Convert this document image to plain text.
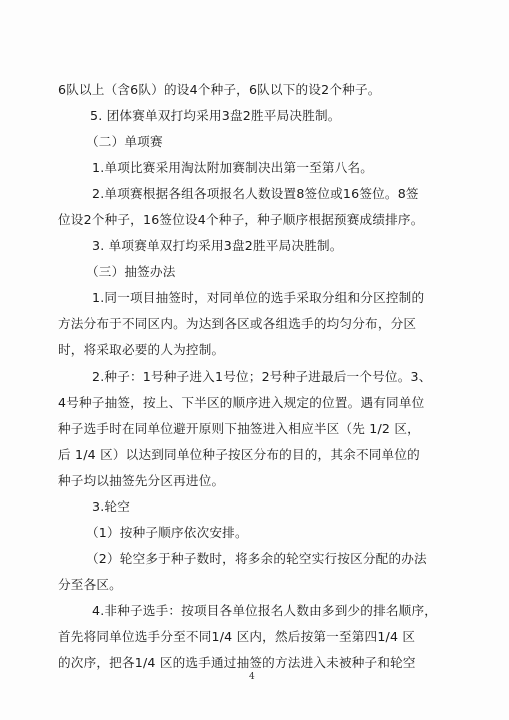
6队以上（含6队）的设4个种子，6队以下的设2个种子。
5. 团体赛单双打均采用3盘2胜平局决胜制。
（二）单项赛
1.单项比赛采用淘汰附加赛制决出第一至第八名。
2.单项赛根据各组各项报名人数设置8签位或16签位。8签
位设2个种子，16签位设4个种子，种子顺序根据预赛成绩排序。
3. 单项赛单双打均采用3盘2胜平局决胜制。
（三）抽签办法
1.同一项目抽签时，对同单位的选手采取分组和分区控制的
方法分布于不同区内。为达到各区或各组选手的均匀分布，分区
时，将采取必要的人为控制。
2.种子：1号种子进入1号位；2号种子进最后一个号位。3、
4号种子抽签，按上、下半区的顺序进入规定的位置。遇有同单位
种子选手时在同单位避开原则下抽签进入相应半区（先 1/2 区，
后 1/4 区）以达到同单位种子按区分布的目的，其余不同单位的
种子均以抽签先分区再进位。
3.轮空
（1）按种子顺序依次安排。
（2）轮空多于种子数时，将多余的轮空实行按区分配的办法
分至各区。
4.非种子选手：按项目各单位报名人数由多到少的排名顺序，
首先将同单位选手分至不同1/4 区内，然后按第一至第四1/4 区
的次序，把各1/4 区的选手通过抽签的方法进入未被种子和轮空
4
